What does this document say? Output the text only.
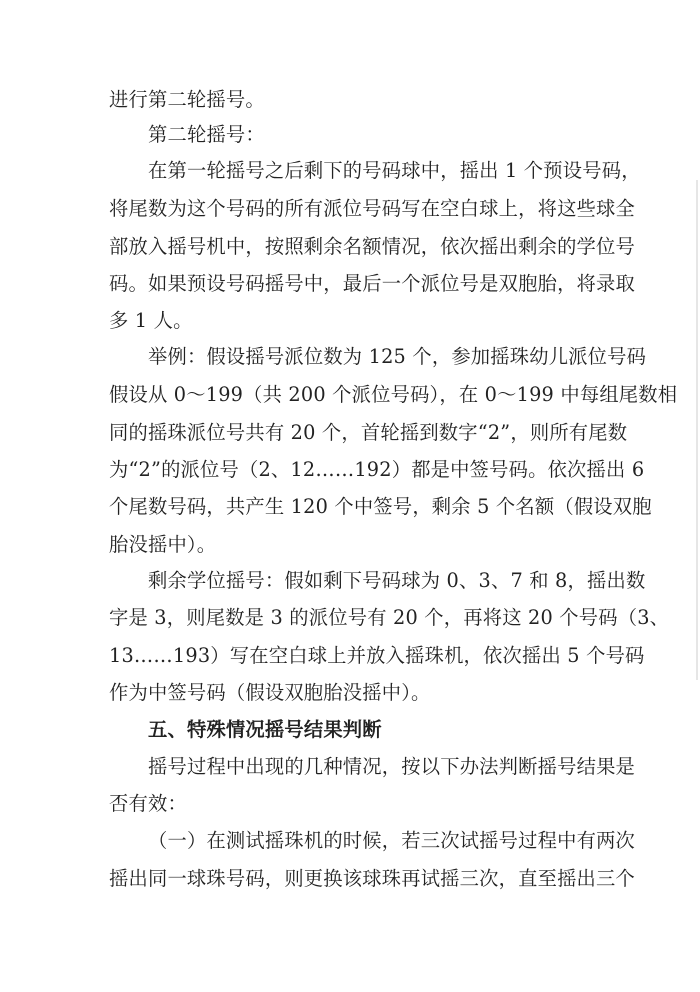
进行第二轮摇号。
第二轮摇号：
在第一轮摇号之后剩下的号码球中，摇出 1 个预设号码，
将尾数为这个号码的所有派位号码写在空白球上，将这些球全
部放入摇号机中，按照剩余名额情况，依次摇出剩余的学位号
码。如果预设号码摇号中，最后一个派位号是双胞胎，将录取
多 1 人。
举例：假设摇号派位数为 125 个，参加摇珠幼儿派位号码
假设从 0～199（共 200 个派位号码），在 0～199 中每组尾数相
同的摇珠派位号共有 20 个，首轮摇到数字“2”，则所有尾数
为“2”的派位号（2、12……192）都是中签号码。依次摇出 6
个尾数号码，共产生 120 个中签号，剩余 5 个名额（假设双胞
胎没摇中）。
剩余学位摇号：假如剩下号码球为 0、3、7 和 8，摇出数
字是 3，则尾数是 3 的派位号有 20 个，再将这 20 个号码（3、
13……193）写在空白球上并放入摇珠机，依次摇出 5 个号码
作为中签号码（假设双胞胎没摇中）。
五、特殊情况摇号结果判断
摇号过程中出现的几种情况，按以下办法判断摇号结果是
否有效：
（一）在测试摇珠机的时候，若三次试摇号过程中有两次
摇出同一球珠号码，则更换该球珠再试摇三次，直至摇出三个
